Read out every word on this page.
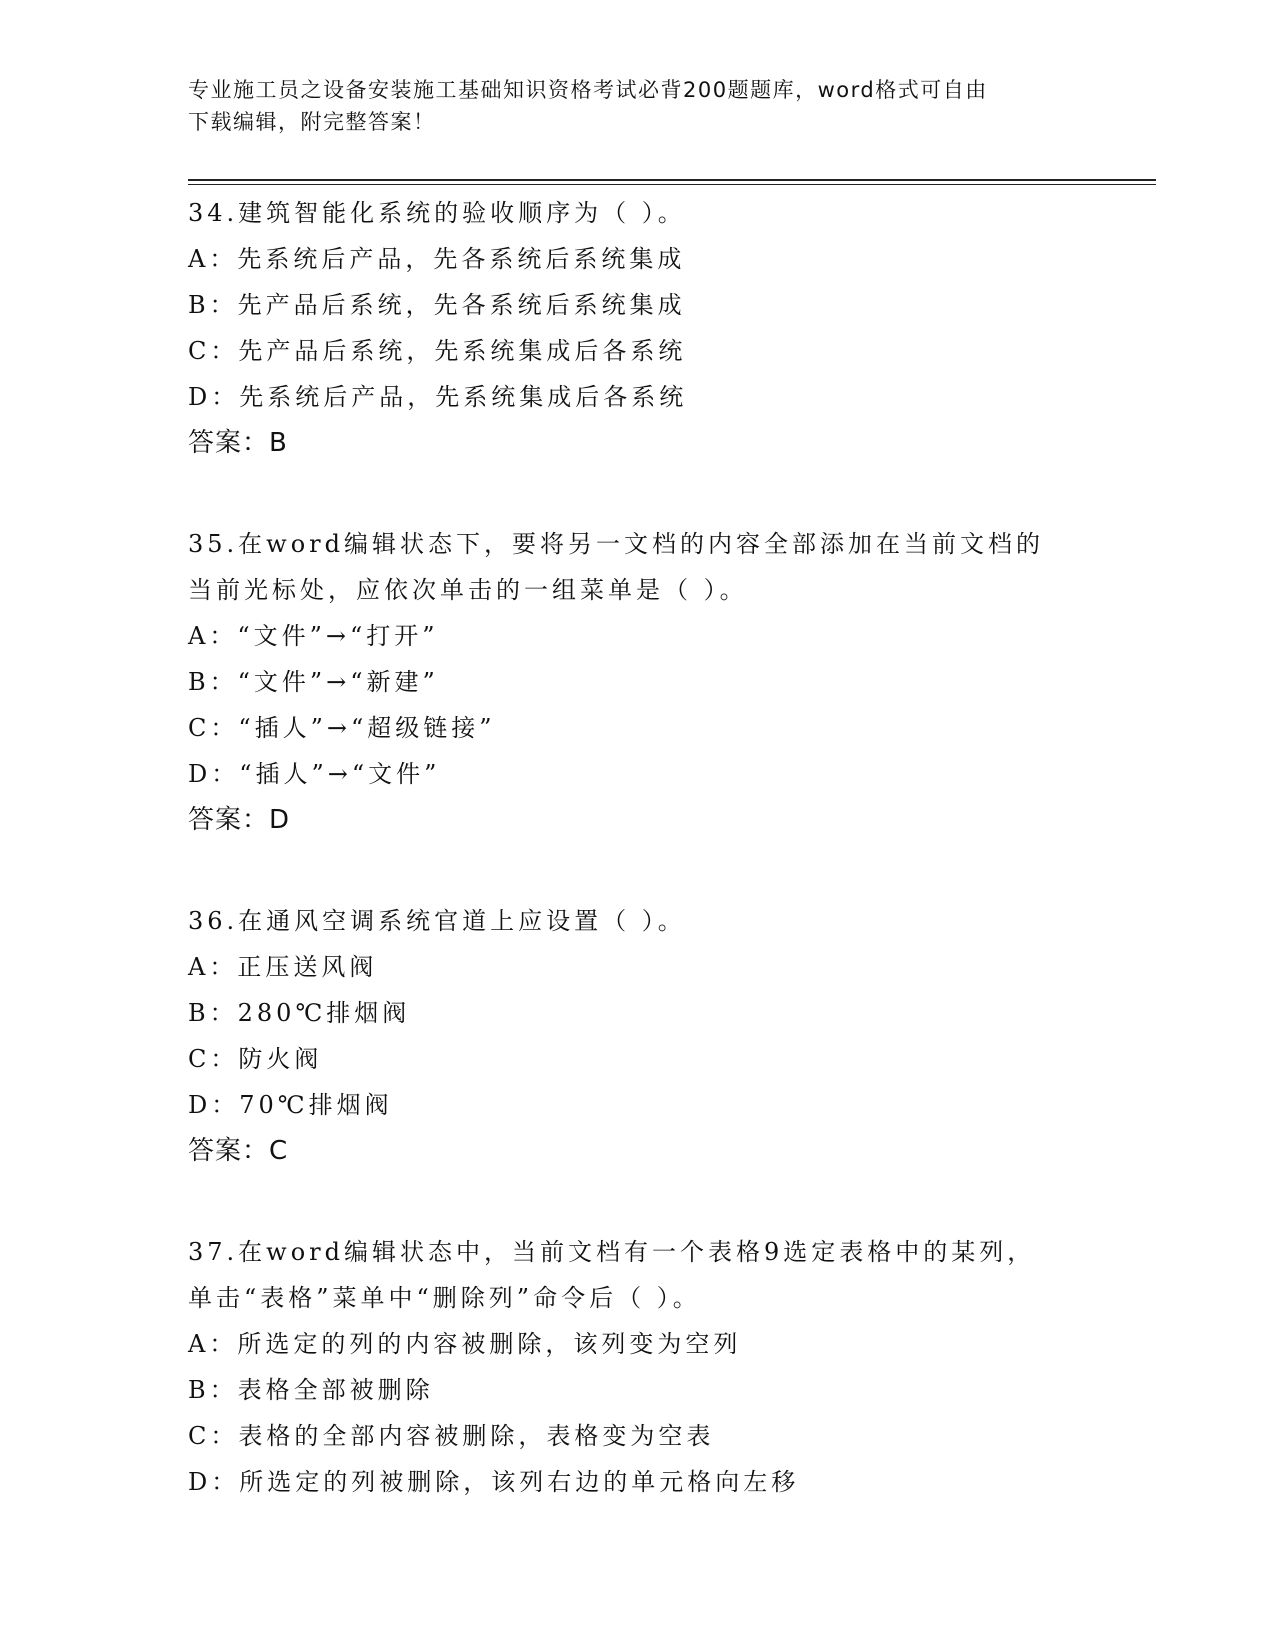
专业施工员之设备安装施工基础知识资格考试必背200题题库，word格式可自由
下载编辑，附完整答案！
34.建筑智能化系统的验收顺序为（ ）。
A：先系统后产品，先各系统后系统集成
B：先产品后系统，先各系统后系统集成
C：先产品后系统，先系统集成后各系统
D：先系统后产品，先系统集成后各系统
答案：B
35.在word编辑状态下，要将另一文档的内容全部添加在当前文档的
当前光标处，应依次单击的一组菜单是（ ）。
A：“文件”→“打开”
B：“文件”→“新建”
C：“插人”→“超级链接”
D：“插人”→“文件”
答案：D
36.在通风空调系统官道上应设置（ ）。
A：正压送风阀
B：280℃排烟阀
C：防火阀
D：70℃排烟阀
答案：C
37.在word编辑状态中，当前文档有一个表格9选定表格中的某列，
单击“表格”菜单中“删除列”命令后（ ）。
A：所选定的列的内容被删除，该列变为空列
B：表格全部被删除
C：表格的全部内容被删除，表格变为空表
D：所选定的列被删除，该列右边的单元格向左移
